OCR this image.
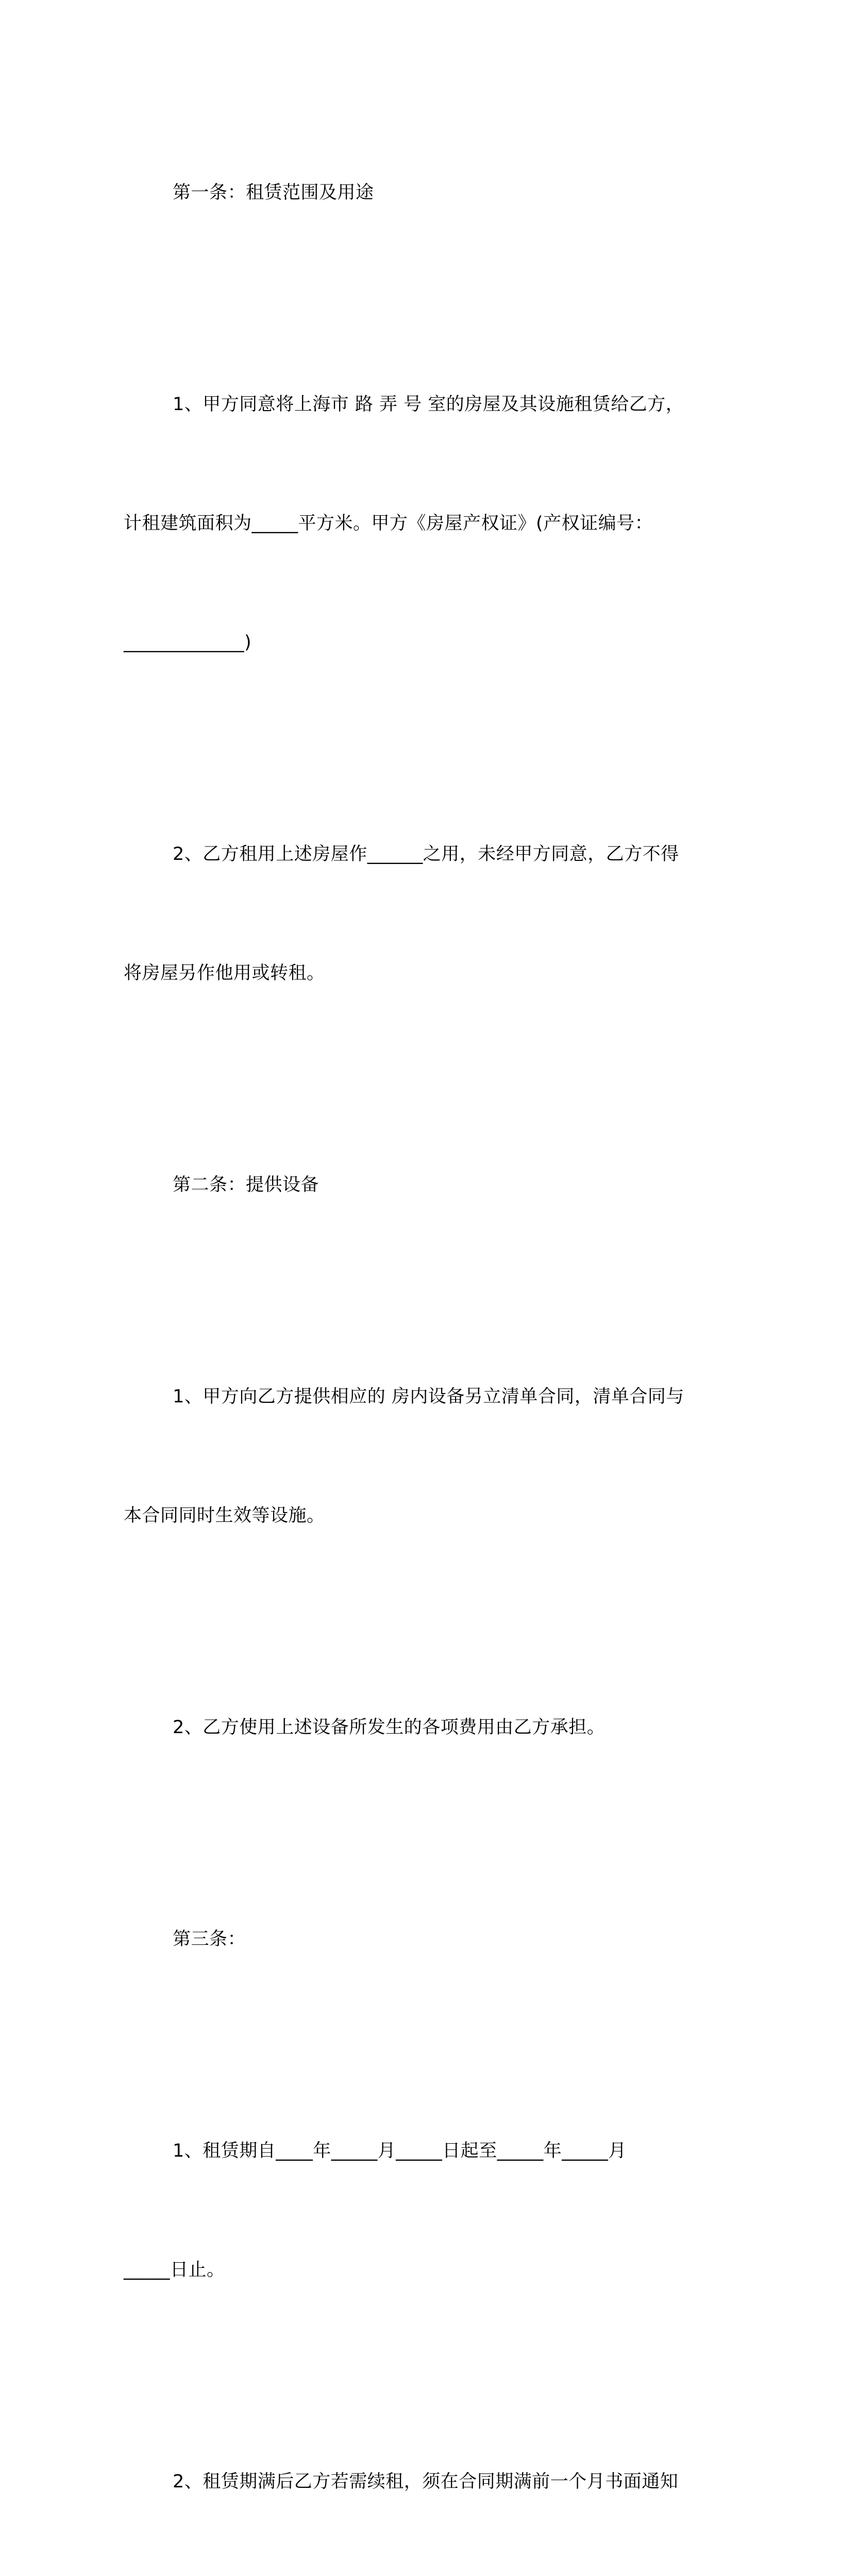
第一条：租赁范围及用途

1、甲方同意将上海市 路 弄 号 室的房屋及其设施租赁给乙方，

计租建筑面积为_____平方米。甲方《房屋产权证》(产权证编号：

_____________)

2、乙方租用上述房屋作______之用，未经甲方同意，乙方不得

将房屋另作他用或转租。

第二条：提供设备

1、甲方向乙方提供相应的 房内设备另立清单合同，清单合同与

本合同同时生效等设施。

2、乙方使用上述设备所发生的各项费用由乙方承担。

第三条：

1、租赁期自____年_____月_____日起至_____年_____月

_____日止。

2、租赁期满后乙方若需续租，须在合同期满前一个月书面通知
